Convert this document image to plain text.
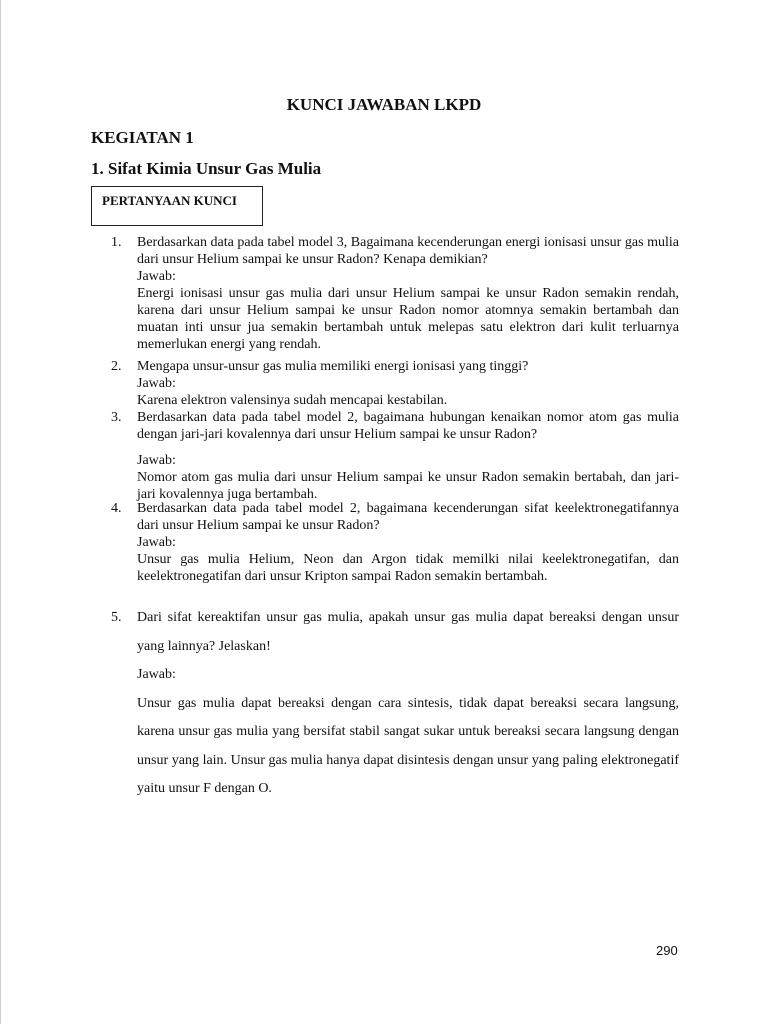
KUNCI JAWABAN LKPD
KEGIATAN 1
1. Sifat Kimia Unsur Gas Mulia
PERTANYAAN KUNCI
1. Berdasarkan data pada tabel model 3, Bagaimana kecenderungan energi ionisasi unsur gas mulia dari unsur Helium sampai ke unsur Radon? Kenapa demikian?

Jawab:

Energi ionisasi unsur gas mulia dari unsur Helium sampai ke unsur Radon semakin rendah, karena dari unsur Helium sampai ke unsur Radon nomor atomnya semakin bertambah dan muatan inti unsur jua semakin bertambah untuk melepas satu elektron dari kulit terluarnya memerlukan energi yang rendah.

2. Mengapa unsur-unsur gas mulia memiliki energi ionisasi yang tinggi?

Jawab:

Karena elektron valensinya sudah mencapai kestabilan.

3. Berdasarkan data pada tabel model 2, bagaimana hubungan kenaikan nomor atom gas mulia dengan jari-jari kovalennya dari unsur Helium sampai ke unsur Radon?

Jawab:

Nomor atom gas mulia dari unsur Helium sampai ke unsur Radon semakin bertabah, dan jari-jari kovalennya juga bertambah.

4. Berdasarkan data pada tabel model 2, bagaimana kecenderungan sifat keelektronegatifannya dari unsur Helium sampai ke unsur Radon?

Jawab:

Unsur gas mulia Helium, Neon dan Argon tidak memilki nilai keelektronegatifan, dan keelektronegatifan dari unsur Kripton sampai Radon semakin bertambah.

5. Dari sifat kereaktifan unsur gas mulia, apakah unsur gas mulia dapat bereaksi dengan unsur yang lainnya? Jelaskan!

Jawab:

Unsur gas mulia dapat bereaksi dengan cara sintesis, tidak dapat bereaksi secara langsung, karena unsur gas mulia yang bersifat stabil sangat sukar untuk bereaksi secara langsung dengan unsur yang lain. Unsur gas mulia hanya dapat disintesis dengan unsur yang paling elektronegatif yaitu unsur F dengan O.

290
